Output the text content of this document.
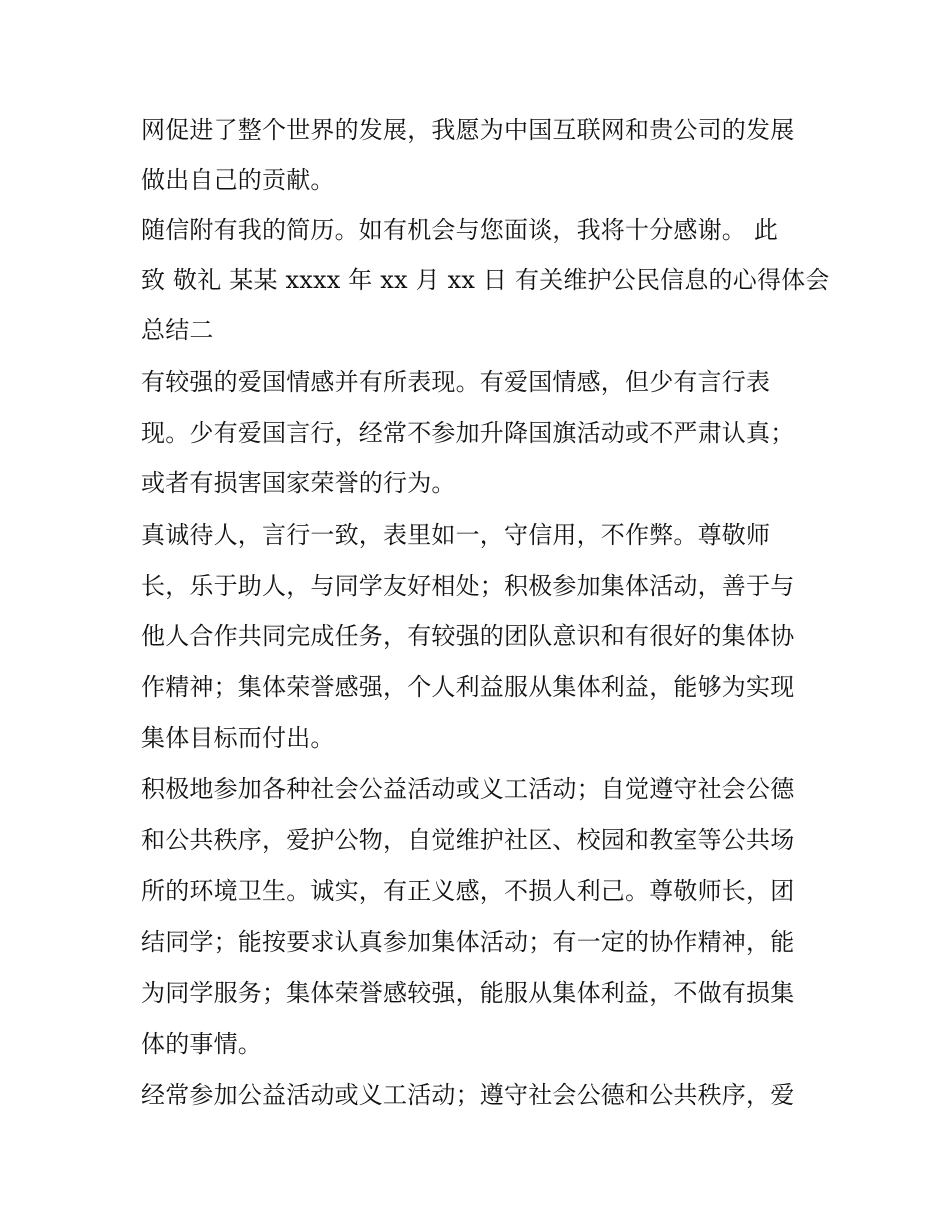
网促进了整个世界的发展，我愿为中国互联网和贵公司的发展
做出自己的贡献。
随信附有我的简历。如有机会与您面谈，我将十分感谢。 此
致 敬礼 某某 xxxx 年 xx 月 xx 日 有关维护公民信息的心得体会
总结二
有较强的爱国情感并有所表现。有爱国情感，但少有言行表
现。少有爱国言行，经常不参加升降国旗活动或不严肃认真；
或者有损害国家荣誉的行为。
真诚待人，言行一致，表里如一，守信用，不作弊。尊敬师
长，乐于助人，与同学友好相处；积极参加集体活动，善于与
他人合作共同完成任务，有较强的团队意识和有很好的集体协
作精神；集体荣誉感强，个人利益服从集体利益，能够为实现
集体目标而付出。
积极地参加各种社会公益活动或义工活动；自觉遵守社会公德
和公共秩序，爱护公物，自觉维护社区、校园和教室等公共场
所的环境卫生。诚实，有正义感，不损人利己。尊敬师长，团
结同学；能按要求认真参加集体活动；有一定的协作精神，能
为同学服务；集体荣誉感较强，能服从集体利益，不做有损集
体的事情。
经常参加公益活动或义工活动；遵守社会公德和公共秩序，爱
